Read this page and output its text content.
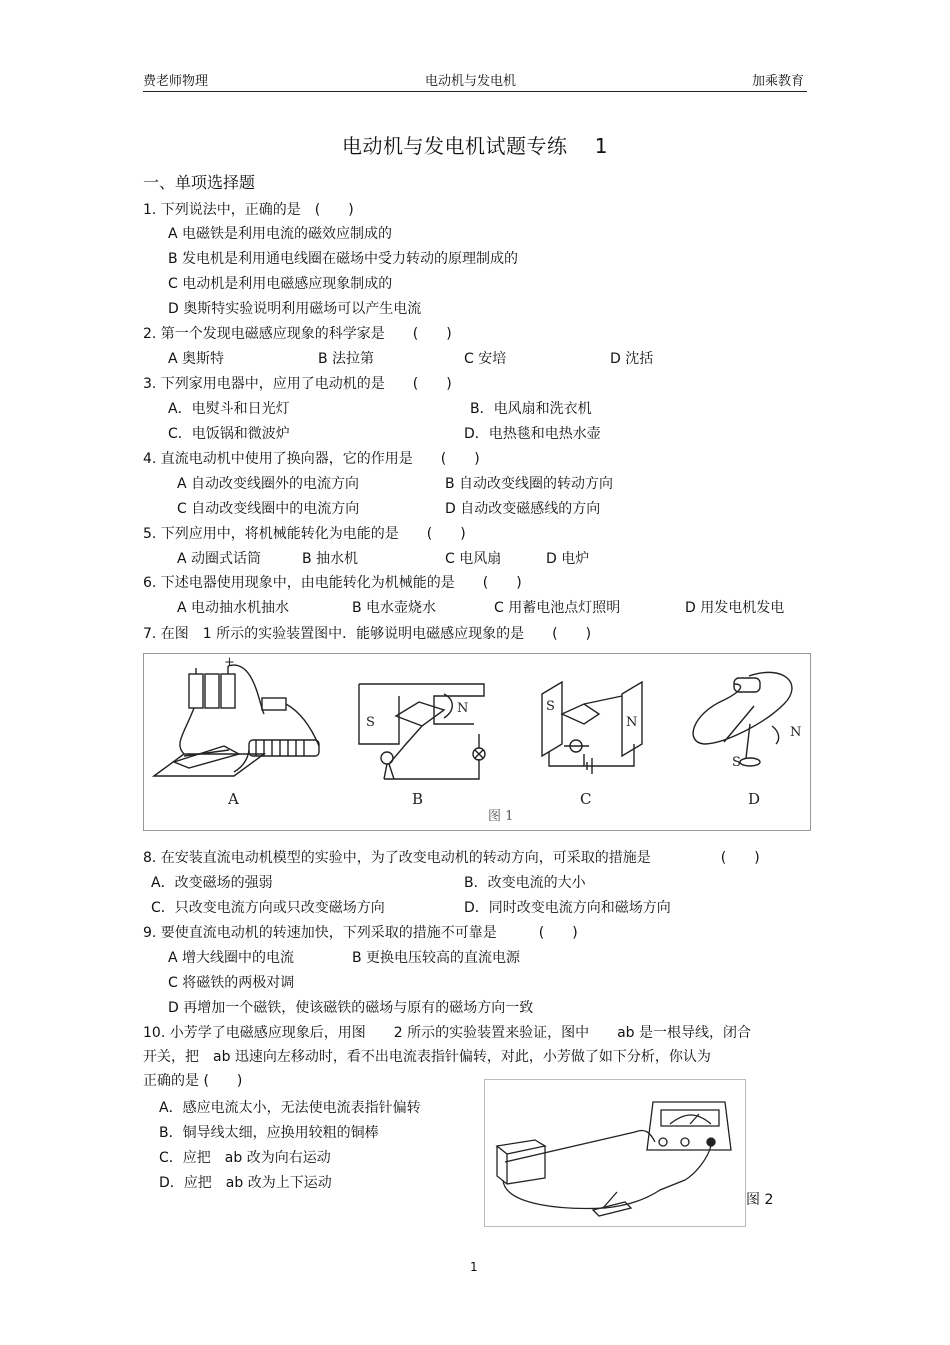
费老师物理	电动机与发电机	加乘教育
电动机与发电机试题专练　 1
一、单项选择题
1. 下列说法中，正确的是　(　　)
A 电磁铁是利用电流的磁效应制成的
B 发电机是利用通电线圈在磁场中受力转动的原理制成的
C 电动机是利用电磁感应现象制成的
D 奥斯特实验说明利用磁场可以产生电流
2. 第一个发现电磁感应现象的科学家是　　(　　)
A 奥斯特	B 法拉第	C 安培	D 沈括
3. 下列家用电器中，应用了电动机的是　　(　　)
A．电熨斗和日光灯	B．电风扇和洗衣机
C．电饭锅和微波炉	D．电热毯和电热水壶
4. 直流电动机中使用了换向器，它的作用是　　(　　)
A 自动改变线圈外的电流方向	B 自动改变线圈的转动方向
C 自动改变线圈中的电流方向	D 自动改变磁感线的方向
5. 下列应用中，将机械能转化为电能的是　　(　　)
A 动圈式话筒	B 抽水机	C 电风扇	D 电炉
6. 下述电器使用现象中，由电能转化为机械能的是　　(　　)
A 电动抽水机抽水	B 电水壶烧水	C 用蓄电池点灯照明	D 用发电机发电
7. 在图　1 所示的实验装置图中．能够说明电磁感应现象的是　　(　　)
S
N	S
N
S
N
+
A	B	C	D
图 1
8. 在安装直流电动机模型的实验中，为了改变电动机的转动方向，可采取的措施是　　　　　(　　)
A．改变磁场的强弱	B．改变电流的大小
C．只改变电流方向或只改变磁场方向	D．同时改变电流方向和磁场方向
9. 要使直流电动机的转速加快，下列采取的措施不可靠是　　　(　　)
A 增大线圈中的电流	B 更换电压较高的直流电源
C 将磁铁的两极对调
D 再增加一个磁铁，使该磁铁的磁场与原有的磁场方向一致
10. 小芳学了电磁感应现象后，用图　　2 所示的实验装置来验证，图中　　ab 是一根导线，闭合
开关，把　ab 迅速向左移动时，看不出电流表指针偏转，对此，小芳做了如下分析，你认为
正确的是 (　　)
A．感应电流太小，无法使电流表指针偏转
B．铜导线太细，应换用较粗的铜棒
C．应把　ab 改为向右运动
D．应把　ab 改为上下运动
图 2
1
